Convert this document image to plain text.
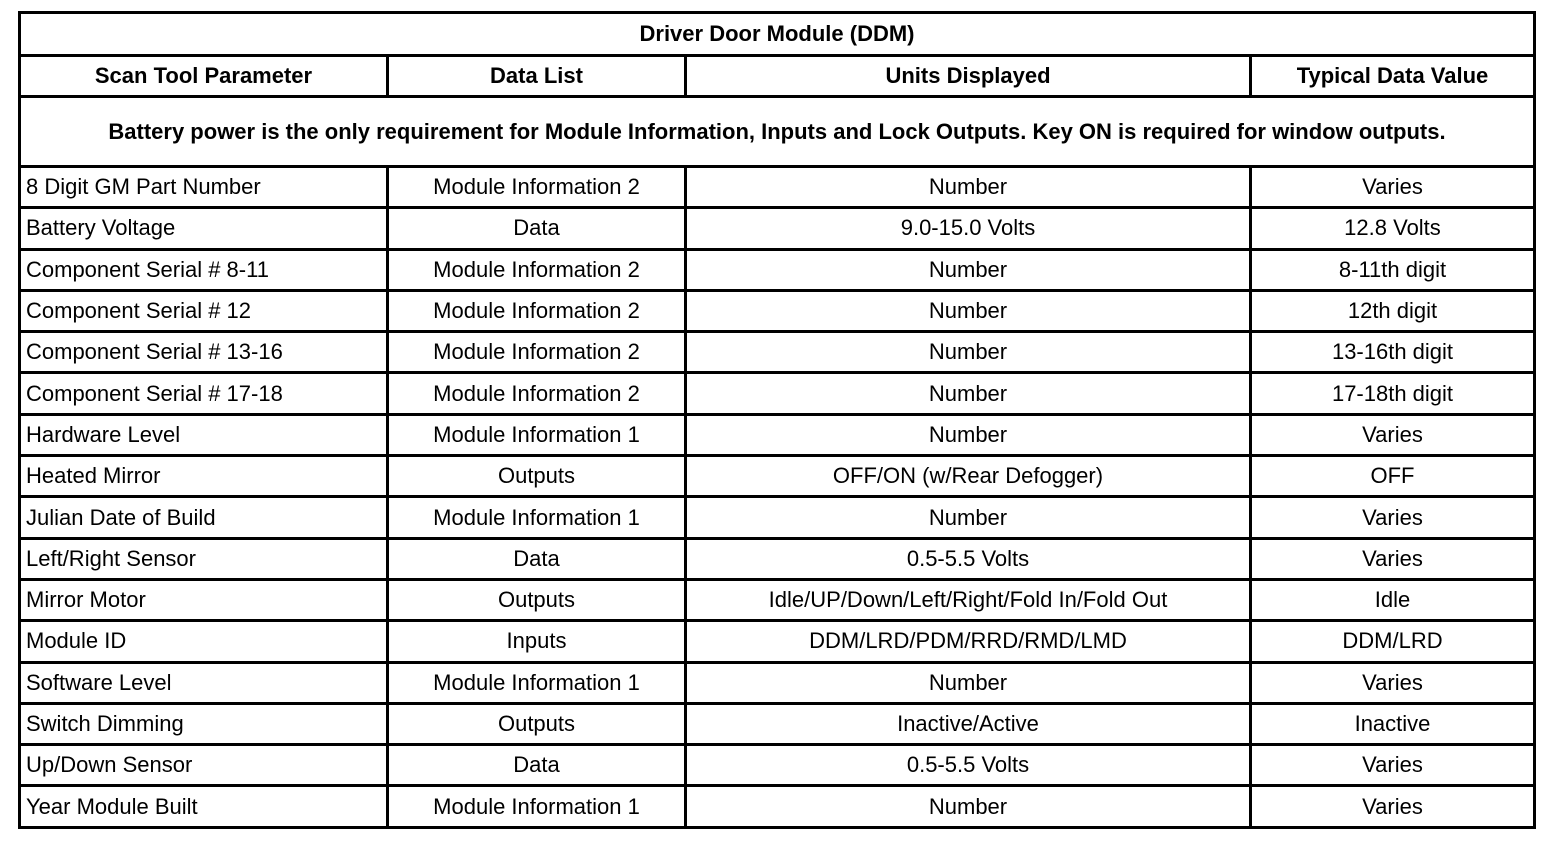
Driver Door Module (DDM)			
Scan Tool Parameter	Data List	Units Displayed	Typical Data Value
Battery power is the only requirement for Module Information, Inputs and Lock Outputs. Key ON is required for window outputs.			
8 Digit GM Part Number	Module Information 2	Number	Varies
Battery Voltage	Data	9.0-15.0 Volts	12.8 Volts
Component Serial # 8-11	Module Information 2	Number	8-11th digit
Component Serial # 12	Module Information 2	Number	12th digit
Component Serial # 13-16	Module Information 2	Number	13-16th digit
Component Serial # 17-18	Module Information 2	Number	17-18th digit
Hardware Level	Module Information 1	Number	Varies
Heated Mirror	Outputs	OFF/ON (w/Rear Defogger)	OFF
Julian Date of Build	Module Information 1	Number	Varies
Left/Right Sensor	Data	0.5-5.5 Volts	Varies
Mirror Motor	Outputs	Idle/UP/Down/Left/Right/Fold In/Fold Out	Idle
Module ID	Inputs	DDM/LRD/PDM/RRD/RMD/LMD	DDM/LRD
Software Level	Module Information 1	Number	Varies
Switch Dimming	Outputs	Inactive/Active	Inactive
Up/Down Sensor	Data	0.5-5.5 Volts	Varies
Year Module Built	Module Information 1	Number	Varies
